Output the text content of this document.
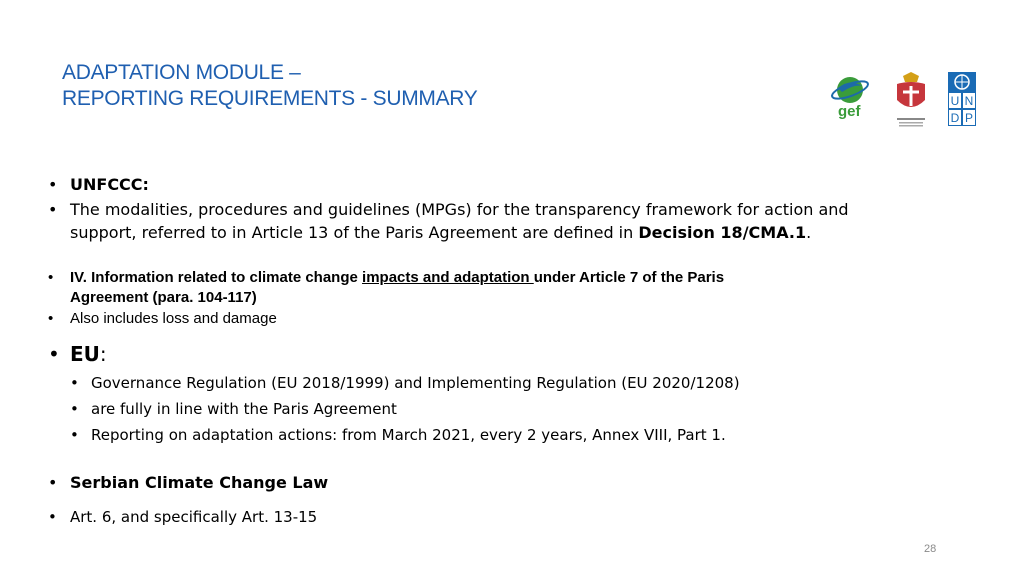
ADAPTATION MODULE –
REPORTING REQUIREMENTS - SUMMARY
gef
U N
D P
• UNFCCC:
• The modalities, procedures and guidelines (MPGs) for the transparency framework for action and
support, referred to in Article 13 of the Paris Agreement are defined in Decision 18/CMA.1.
• IV. Information related to climate change impacts and adaptation under Article 7 of the Paris
Agreement (para. 104-117)
• Also includes loss and damage
• EU:
• Governance Regulation (EU 2018/1999) and Implementing Regulation (EU 2020/1208)
• are fully in line with the Paris Agreement
• Reporting on adaptation actions: from March 2021, every 2 years, Annex VIII, Part 1.
• Serbian Climate Change Law
• Art. 6, and specifically Art. 13-15
28
